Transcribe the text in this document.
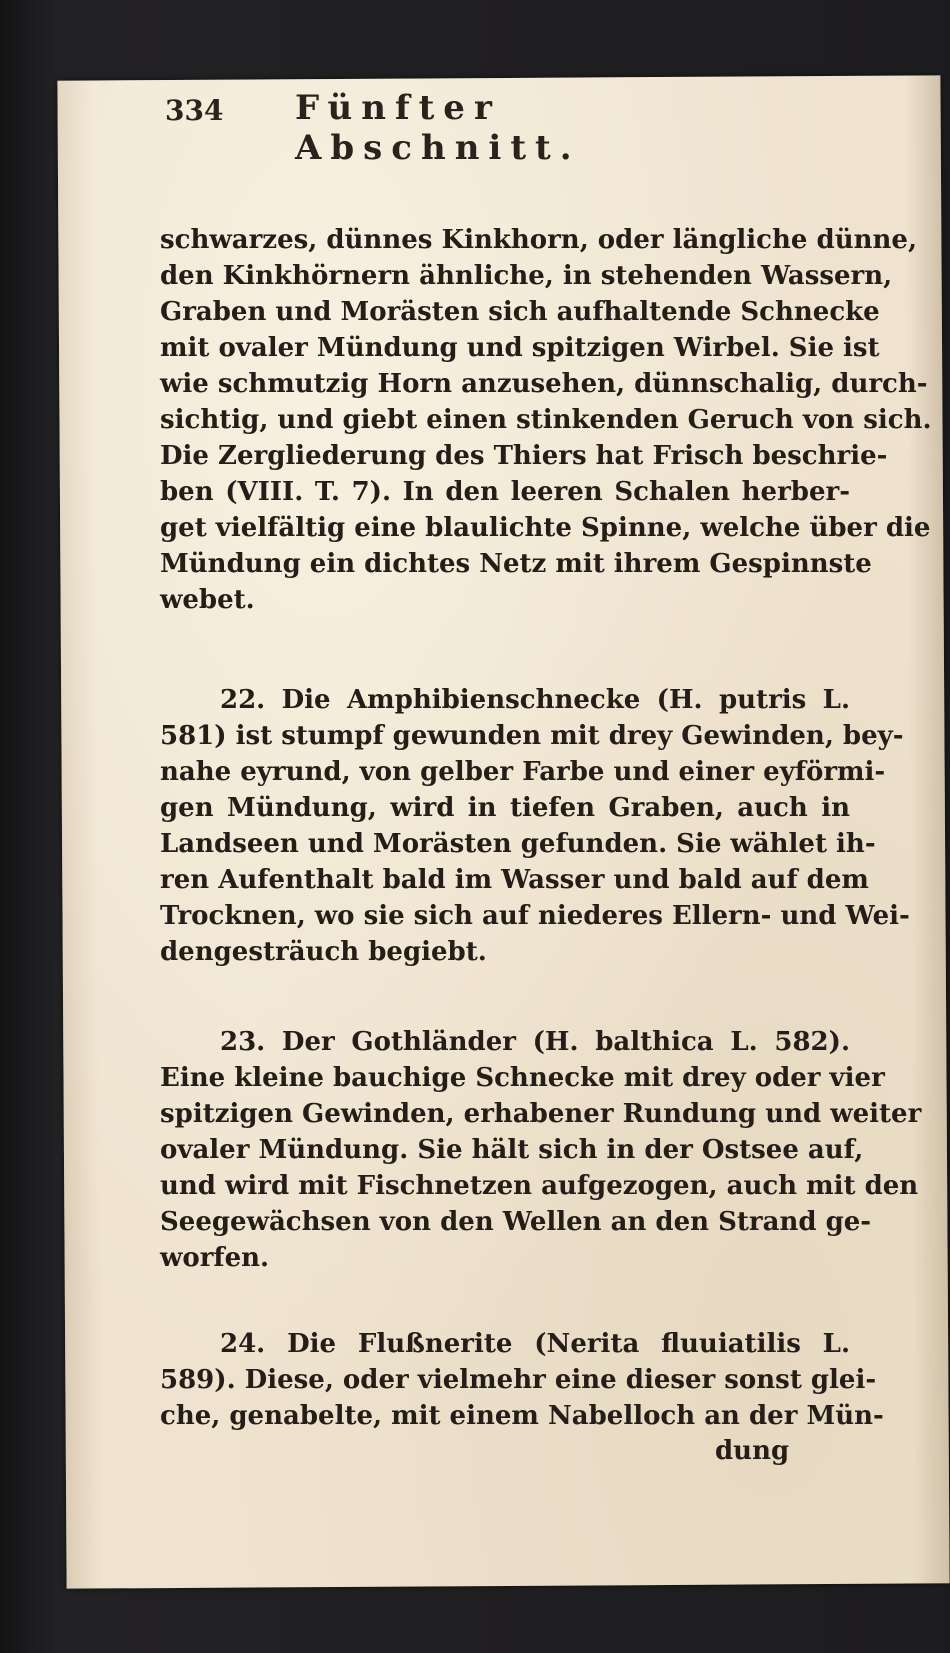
334 Fünfter Abschnitt.
schwarzes, dünnes Kinkhorn, oder längliche dünne,
den Kinkhörnern ähnliche, in stehenden Wassern,
Graben und Morästen sich aufhaltende Schnecke
mit ovaler Mündung und spitzigen Wirbel. Sie ist
wie schmutzig Horn anzusehen, dünnschalig, durch-
sichtig, und giebt einen stinkenden Geruch von sich.
Die Zergliederung des Thiers hat Frisch beschrie-
ben (VIII. T. 7). In den leeren Schalen herber-
get vielfältig eine blaulichte Spinne, welche über die
Mündung ein dichtes Netz mit ihrem Gespinnste
webet.
22. Die Amphibienschnecke (H. putris L.
581) ist stumpf gewunden mit drey Gewinden, bey-
nahe eyrund, von gelber Farbe und einer eyförmi-
gen Mündung, wird in tiefen Graben, auch in
Landseen und Morästen gefunden. Sie wählet ih-
ren Aufenthalt bald im Wasser und bald auf dem
Trocknen, wo sie sich auf niederes Ellern- und Wei-
dengesträuch begiebt.
23. Der Gothländer (H. balthica L. 582).
Eine kleine bauchige Schnecke mit drey oder vier
spitzigen Gewinden, erhabener Rundung und weiter
ovaler Mündung. Sie hält sich in der Ostsee auf,
und wird mit Fischnetzen aufgezogen, auch mit den
Seegewächsen von den Wellen an den Strand ge-
worfen.
24. Die Flußnerite (Nerita fluuiatilis L.
589). Diese, oder vielmehr eine dieser sonst glei-
che, genabelte, mit einem Nabelloch an der Mün-
dung
